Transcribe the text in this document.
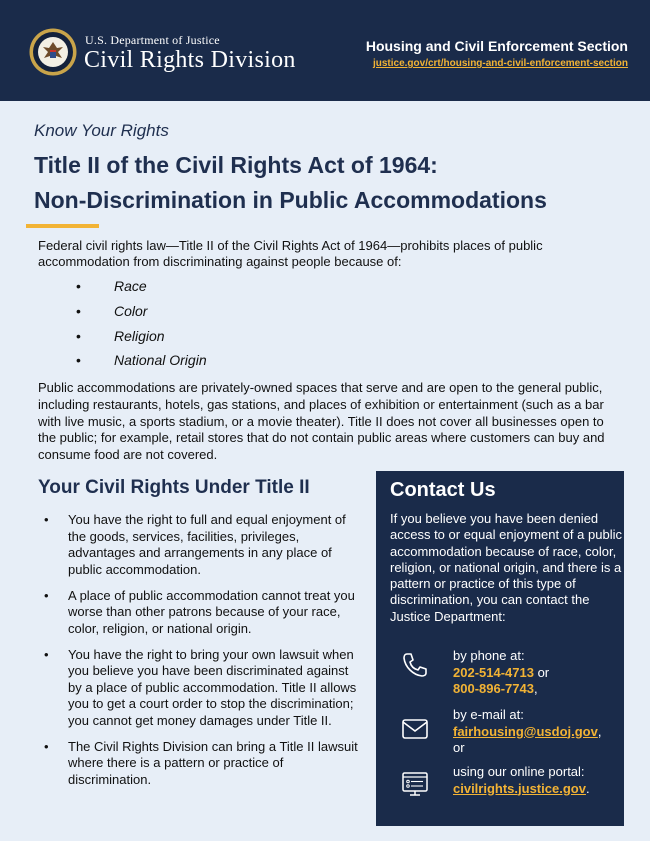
U.S. Department of Justice
Civil Rights Division
Housing and Civil Enforcement Section
justice.gov/crt/housing-and-civil-enforcement-section
Know Your Rights
Title II of the Civil Rights Act of 1964:
Non-Discrimination in Public Accommodations

Federal civil rights law—Title II of the Civil Rights Act of 1964—prohibits places of public accommodation from discriminating against people because of:

• Race
• Color
• Religion
• National Origin

Public accommodations are privately-owned spaces that serve and are open to the general public, including restaurants, hotels, gas stations, and places of exhibition or entertainment (such as a bar with live music, a sports stadium, or a movie theater). Title II does not cover all businesses open to the public; for example, retail stores that do not contain public areas where customers can buy and consume food are not covered.

Your Civil Rights Under Title II
• You have the right to full and equal enjoyment of the goods, services, facilities, privileges, advantages and arrangements in any place of public accommodation.
• A place of public accommodation cannot treat you worse than other patrons because of your race, color, religion, or national origin.
• You have the right to bring your own lawsuit when you believe you have been discriminated against by a place of public accommodation. Title II allows you to get a court order to stop the discrimination; you cannot get money damages under Title II.
• The Civil Rights Division can bring a Title II lawsuit where there is a pattern or practice of discrimination.
Contact Us

If you believe you have been denied access to or equal enjoyment of a public accommodation because of race, color, religion, or national origin, and there is a pattern or practice of this type of discrimination, you can contact the Justice Department:

by phone at:
202-514-4713 or
800-896-7743,
by e-mail at:
fairhousing@usdoj.gov,
or
using our online portal:
civilrights.justice.gov.
